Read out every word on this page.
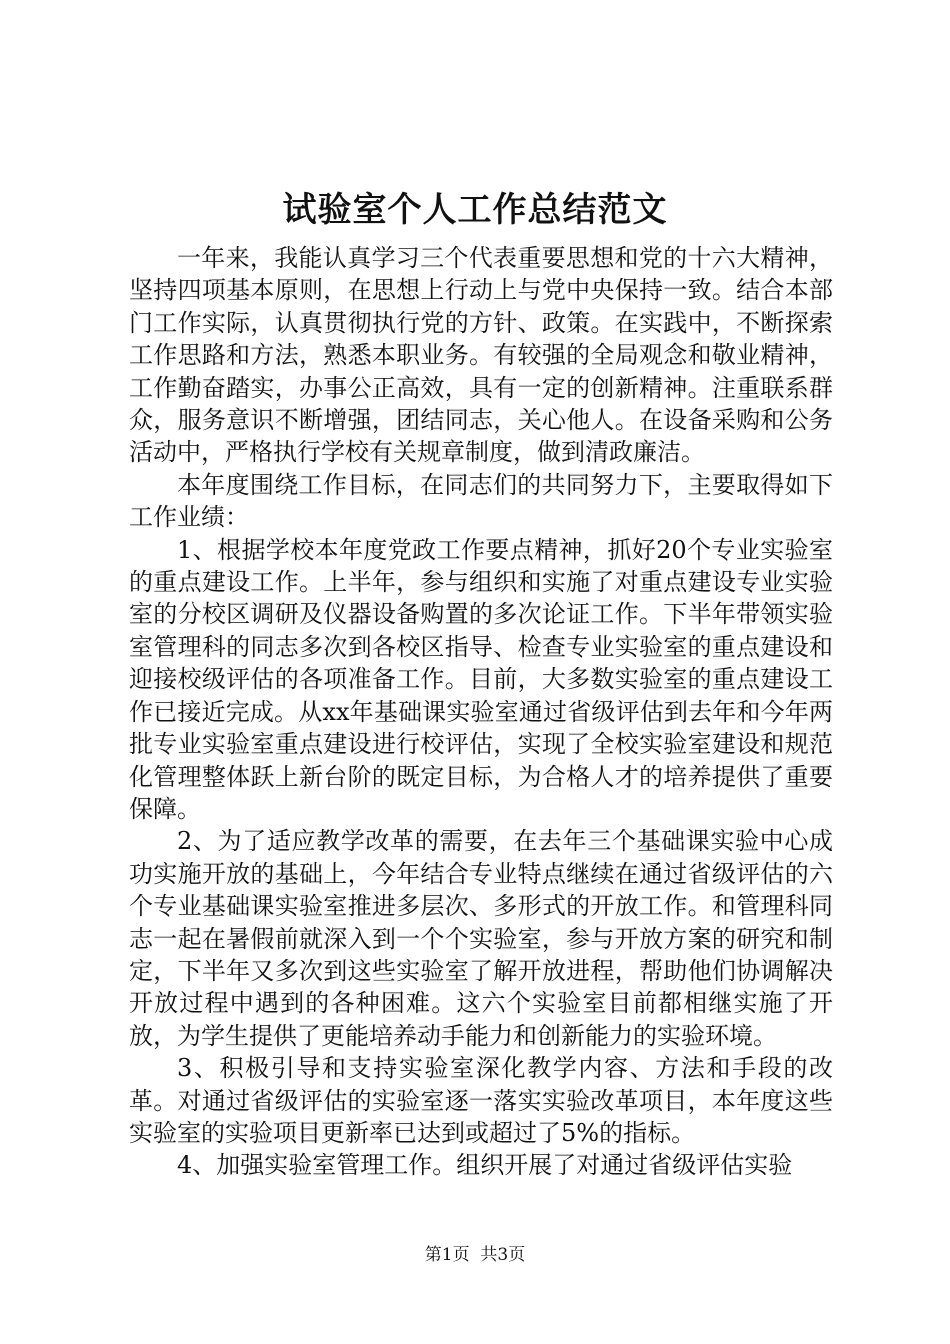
试验室个人工作总结范文

一年来，我能认真学习三个代表重要思想和党的十六大精神，坚持四项基本原则，在思想上行动上与党中央保持一致。结合本部门工作实际，认真贯彻执行党的方针、政策。在实践中，不断探索工作思路和方法，熟悉本职业务。有较强的全局观念和敬业精神，工作勤奋踏实，办事公正高效，具有一定的创新精神。注重联系群众，服务意识不断增强，团结同志，关心他人。在设备采购和公务活动中，严格执行学校有关规章制度，做到清政廉洁。

本年度围绕工作目标，在同志们的共同努力下，主要取得如下工作业绩：

1、根据学校本年度党政工作要点精神，抓好20个专业实验室的重点建设工作。上半年，参与组织和实施了对重点建设专业实验室的分校区调研及仪器设备购置的多次论证工作。下半年带领实验室管理科的同志多次到各校区指导、检查专业实验室的重点建设和迎接校级评估的各项准备工作。目前，大多数实验室的重点建设工作已接近完成。从xx年基础课实验室通过省级评估到去年和今年两批专业实验室重点建设进行校评估，实现了全校实验室建设和规范化管理整体跃上新台阶的既定目标，为合格人才的培养提供了重要保障。

2、为了适应教学改革的需要，在去年三个基础课实验中心成功实施开放的基础上，今年结合专业特点继续在通过省级评估的六个专业基础课实验室推进多层次、多形式的开放工作。和管理科同志一起在暑假前就深入到一个个实验室，参与开放方案的研究和制定，下半年又多次到这些实验室了解开放进程，帮助他们协调解决开放过程中遇到的各种困难。这六个实验室目前都相继实施了开放，为学生提供了更能培养动手能力和创新能力的实验环境。

3、积极引导和支持实验室深化教学内容、方法和手段的改革。对通过省级评估的实验室逐一落实实验改革项目，本年度这些实验室的实验项目更新率已达到或超过了5%的指标。

4、加强实验室管理工作。组织开展了对通过省级评估实验

第1页 共3页
